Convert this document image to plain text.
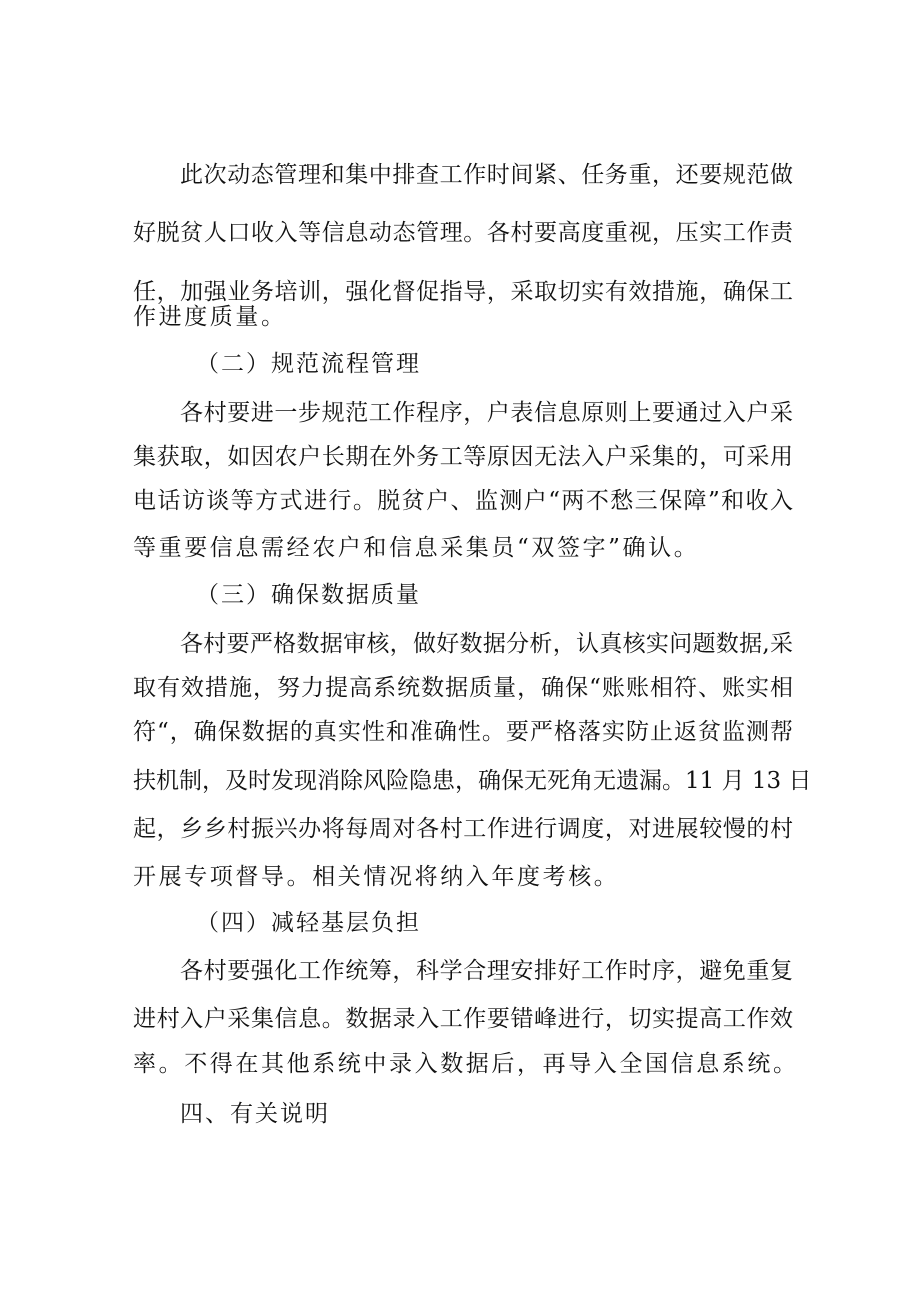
此次动态管理和集中排查工作时间紧、任务重，还要规范做
好脱贫人口收入等信息动态管理。各村要高度重视，压实工作责
任，加强业务培训，强化督促指导，采取切实有效措施，确保工
作进度质量。
（二）规范流程管理
各村要进一步规范工作程序，户表信息原则上要通过入户采
集获取，如因农户长期在外务工等原因无法入户采集的，可采用
电话访谈等方式进行。脱贫户、监测户“两不愁三保障”和收入
等重要信息需经农户和信息采集员“双签字”确认。
（三）确保数据质量
各村要严格数据审核，做好数据分析，认真核实问题数据,采
取有效措施，努力提高系统数据质量，确保“账账相符、账实相
符“，确保数据的真实性和准确性。要严格落实防止返贫监测帮
扶机制，及时发现消除风险隐患，确保无死角无遗漏。11 月 13 日
起，乡乡村振兴办将每周对各村工作进行调度，对进展较慢的村
开展专项督导。相关情况将纳入年度考核。
（四）减轻基层负担
各村要强化工作统筹，科学合理安排好工作时序，避免重复
进村入户采集信息。数据录入工作要错峰进行，切实提高工作效
率。不得在其他系统中录入数据后，再导入全国信息系统。
四、有关说明
